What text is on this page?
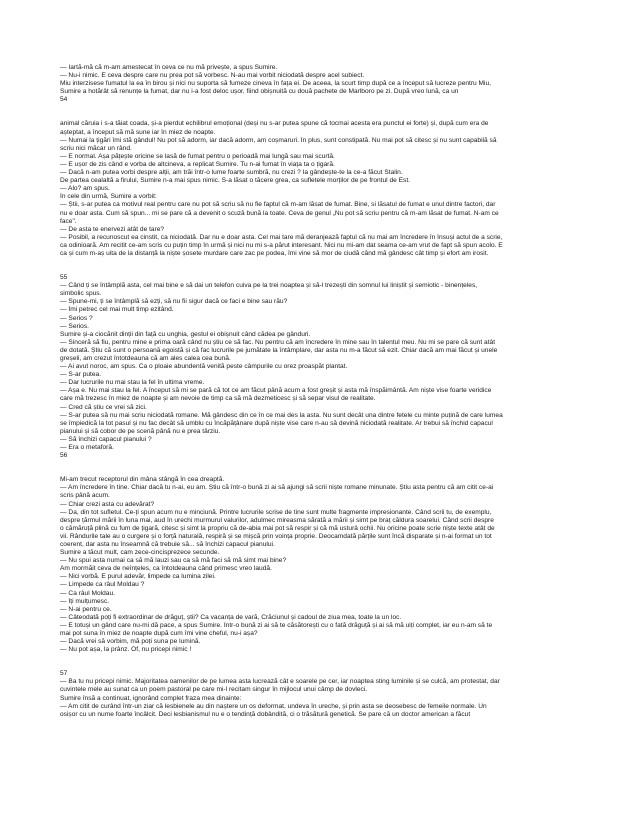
— Iartă-mă că m-am amestecat în ceva ce nu mă privește, a spus Sumire.
— Nu-i nimic. E ceva despre care nu prea pot să vorbesc. N-au mai vorbit niciodată despre acel subiect.
Miu interzisese fumatul la ea în birou și nici nu suporta să fumeze cineva în fața ei. De aceea, la scurt timp după ce a început să lucreze pentru Miu,
Sumire a hotărât să renunțe la fumat, dar nu i-a fost deloc ușor, fiind obișnuită cu două pachete de Marlboro pe zi. După vreo lună, ca un
54
animal căruia i s-a tăiat coada, și-a pierdut echilibrul emoțional (deși nu s-ar putea spune că tocmai acesta era punctul ei forte) și, după cum era de
așteptat, a început să mă sune iar în miez de noapte.
— Numai la țigări îmi stă gândul! Nu pot să adorm, iar dacă adorm, am coșmaruri. În plus, sunt constipată. Nu mai pot să citesc și nu sunt capabilă să
scriu nici măcar un rând.
— E normal. Așa pățește oricine se lasă de fumat pentru o perioadă mai lungă sau mai scurtă.
— E ușor de zis când e vorba de altcineva, a replicat Sumire. Tu n-ai fumat în viața ta o țigară.
— Dacă n-am putea vorbi despre alții, am trăi într-o lume foarte sumbră, nu crezi ? Iа gândește-te la ce-a făcut Stalin.
De partea cealaltă a firului, Sumire n-a mai spus nimic. S-a lăsat o tăcere grea, ca sufletele morților de pe frontul de Est.
— Alo? am spus.
În cele din urmă, Sumire a vorbit:
— Știi, s-ar putea ca motivul real pentru care nu pot să scriu să nu fie faptul că m-am lăsat de fumat. Bine, si lăsatul de fumat e unul dintre factori, dar
nu e doar asta. Cum să spun... mi se pare că a devenit o scuză bună la toate. Ceva de genul „Nu pot să scriu pentru că m-am lăsat de fumat. N-am ce
face".
— De asta te enervezi atât de tare?
— Posibil, a recunoscut ea cinstit, ca niciodată. Dar nu e doar asta. Cel mai tare mă deranjează faptul că nu mai am încredere în însuși actul de a scrie,
ca odinioară. Am recitit ce-am scris cu puțin timp în urmă și nici nu mi s-a părut interesant. Nici nu mi-am dat seama ce-am vrut de fapt să spun acolo. E
ca și cum m-aș uita de la distanță la niște șosete murdare care zac pe podea, îmi vine să mor de ciudă când mă gândesc cât timp și efort am irosit.
55
— Când ți se întâmplă asta, cel mai bine e să dai un telefon cuiva pe la trei noaptea și să-l trezești din somnul lui liniștit și semiotic - binențeles,
simbolic spus.
— Spune-mi, ți se întâmplă să ezți, să nu fii sigur dacă ce faci e bine sau rău?
— Îmi petrec cel mai mult timp ezitând.
— Serios ?
— Serios.
Sumire și-a ciocănit dinții din față cu unghia, gestul ei obișnuit când cădea pe gânduri.
— Sinceră să fiu, pentru mine e prima oară când nu știu ce să fac. Nu pentru că am încredere în mine sau în talentul meu. Nu mi se pare că sunt atât
de dotată. Știu că sunt o persoană egoistă și că fac lucrurile pe jumătate la întâmplare, dar asta nu m-a făcut să ezit. Chiar dacă am mai făcut și unele
greșeli, am crezut întotdeauna că am ales calea cea bună.
— Ai avut noroc, am spus. Ca o ploaie abundentă venită peste câmpurile cu orez proaspăt plantat.
— S-ar putea.
— Dar lucrurile nu mai stau la fel în ultima vreme.
— Așa e. Nu mai stau la fel. A început să mi se pară că tot ce am făcut până acum a fost greșit și asta mă înspăimântă. Am niște vise foarte veridice
care mă trezesc în miez de noapte și am nevoie de timp ca să mă dezmeticesc și să separ visul de realitate.
— Cred că știu ce vrei să zici.
— S-ar putea să nu mai scriu niciodată romane. Mă gândesc din ce în ce mai des la asta. Nu sunt decât una dintre fetele cu minte puțină de care lumea
se împiedică la tot pasul și nu fac decât să umblu cu încăpățânare după niște vise care n-au să devină niciodată realitate. Ar trebui să închid capacul
pianului și să cobor de pe scenă până nu e prea târziu.
— Să închizi capacul pianului ?
— Era o metaforă.
56
Mi-am trecut receptorul din mâna stângă în cea dreaptă.
— Am încredere în tine. Chiar dacă tu n-ai, eu am. Știu că într-o bună zi ai să ajungi să scrii niște romane minunate. Știu asta pentru că am citit ce-ai
scris până acum.
— Chiar crezi asta cu adevărat?
— Da, din tot sufletul. Ce-ți spun acum nu e minciună. Printre lucrurile scrise de tine sunt multe fragmente impresionante. Când scrii tu, de exemplu,
despre țărmul mării în luna mai, aud în urechi murmurul valurilor, adulmec mireasma sărată a mării și simt pe braț căldura soarelui. Când scrii despre
o cămăruță plină cu fum de țigară, citesc și simt la propriu că de-abia mai pot să respir și că mă usturǎ ochii. Nu oricine poate scrie niște texte atât de
vii. Rândurile tale au o curgere și o forță naturală, respiră și se mișcă prin voința proprie. Deocamdată părțile sunt încă disparate și n-ai format un tot
coerent, dar asta nu înseamnă că trebuie să... să închizi capacul pianului.
Sumire a tăcut mult, cam zece-cincisprezece secunde.
— Nu spui asta numai ca să mă lauzi sau ca să mă faci să mă simt mai bine?
Am mormăit ceva de neînțeles, ca întotdeauna când primesc vreo laudă.
— Nici vorbă. E purul adevăr, limpede ca lumina zilei.
— Limpede ca râul Moldau ?
— Ca râul Moldau.
— Îți mulțumesc.
— N-ai pentru ce.
— Câteodată poți fi extraordinar de drăguț, știi? Ca vacanța de vară, Crăciunul și cadoul de ziua mea, toate la un loc.
— E totuși un gând care nu-mi dă pace, a spus Sumire. Într-o bună zi ai să te căsătorești cu o fată drăguță și ai să mă uiți complet, iar eu n-am să te
mai pot suna în miez de noapte după cum îmi vine cheful, nu-i așa?
— Dacă vrei să vorbim, mă poți suna pe lumină.
— Nu pot așa, la prânz. Of, nu pricepi nimic !
57
— Ba tu nu pricepi nimic. Majoritatea oamenilor de pe lumea asta lucrează cât e soarele pe cer, iar noaptea sting luminile și se culcă, am protestat, dar
cuvintele mele au sunat ca un poem pastoral pe care mi-l recitam singur în mijlocul unui câmp de dovleci.
Sumire însă a continuat, ignorând complet fraza mea dinainte:
— Am citit de curând într-un ziar că lesbienele au din naștere un os deformat, undeva în ureche, și prin asta se deosebesc de femeile normale. Un
osișor cu un nume foarte încâlcit. Deci lesbianismul nu e o tendință dobândită, ci o trăsătură genetică. Se pare că un doctor american a făcut
